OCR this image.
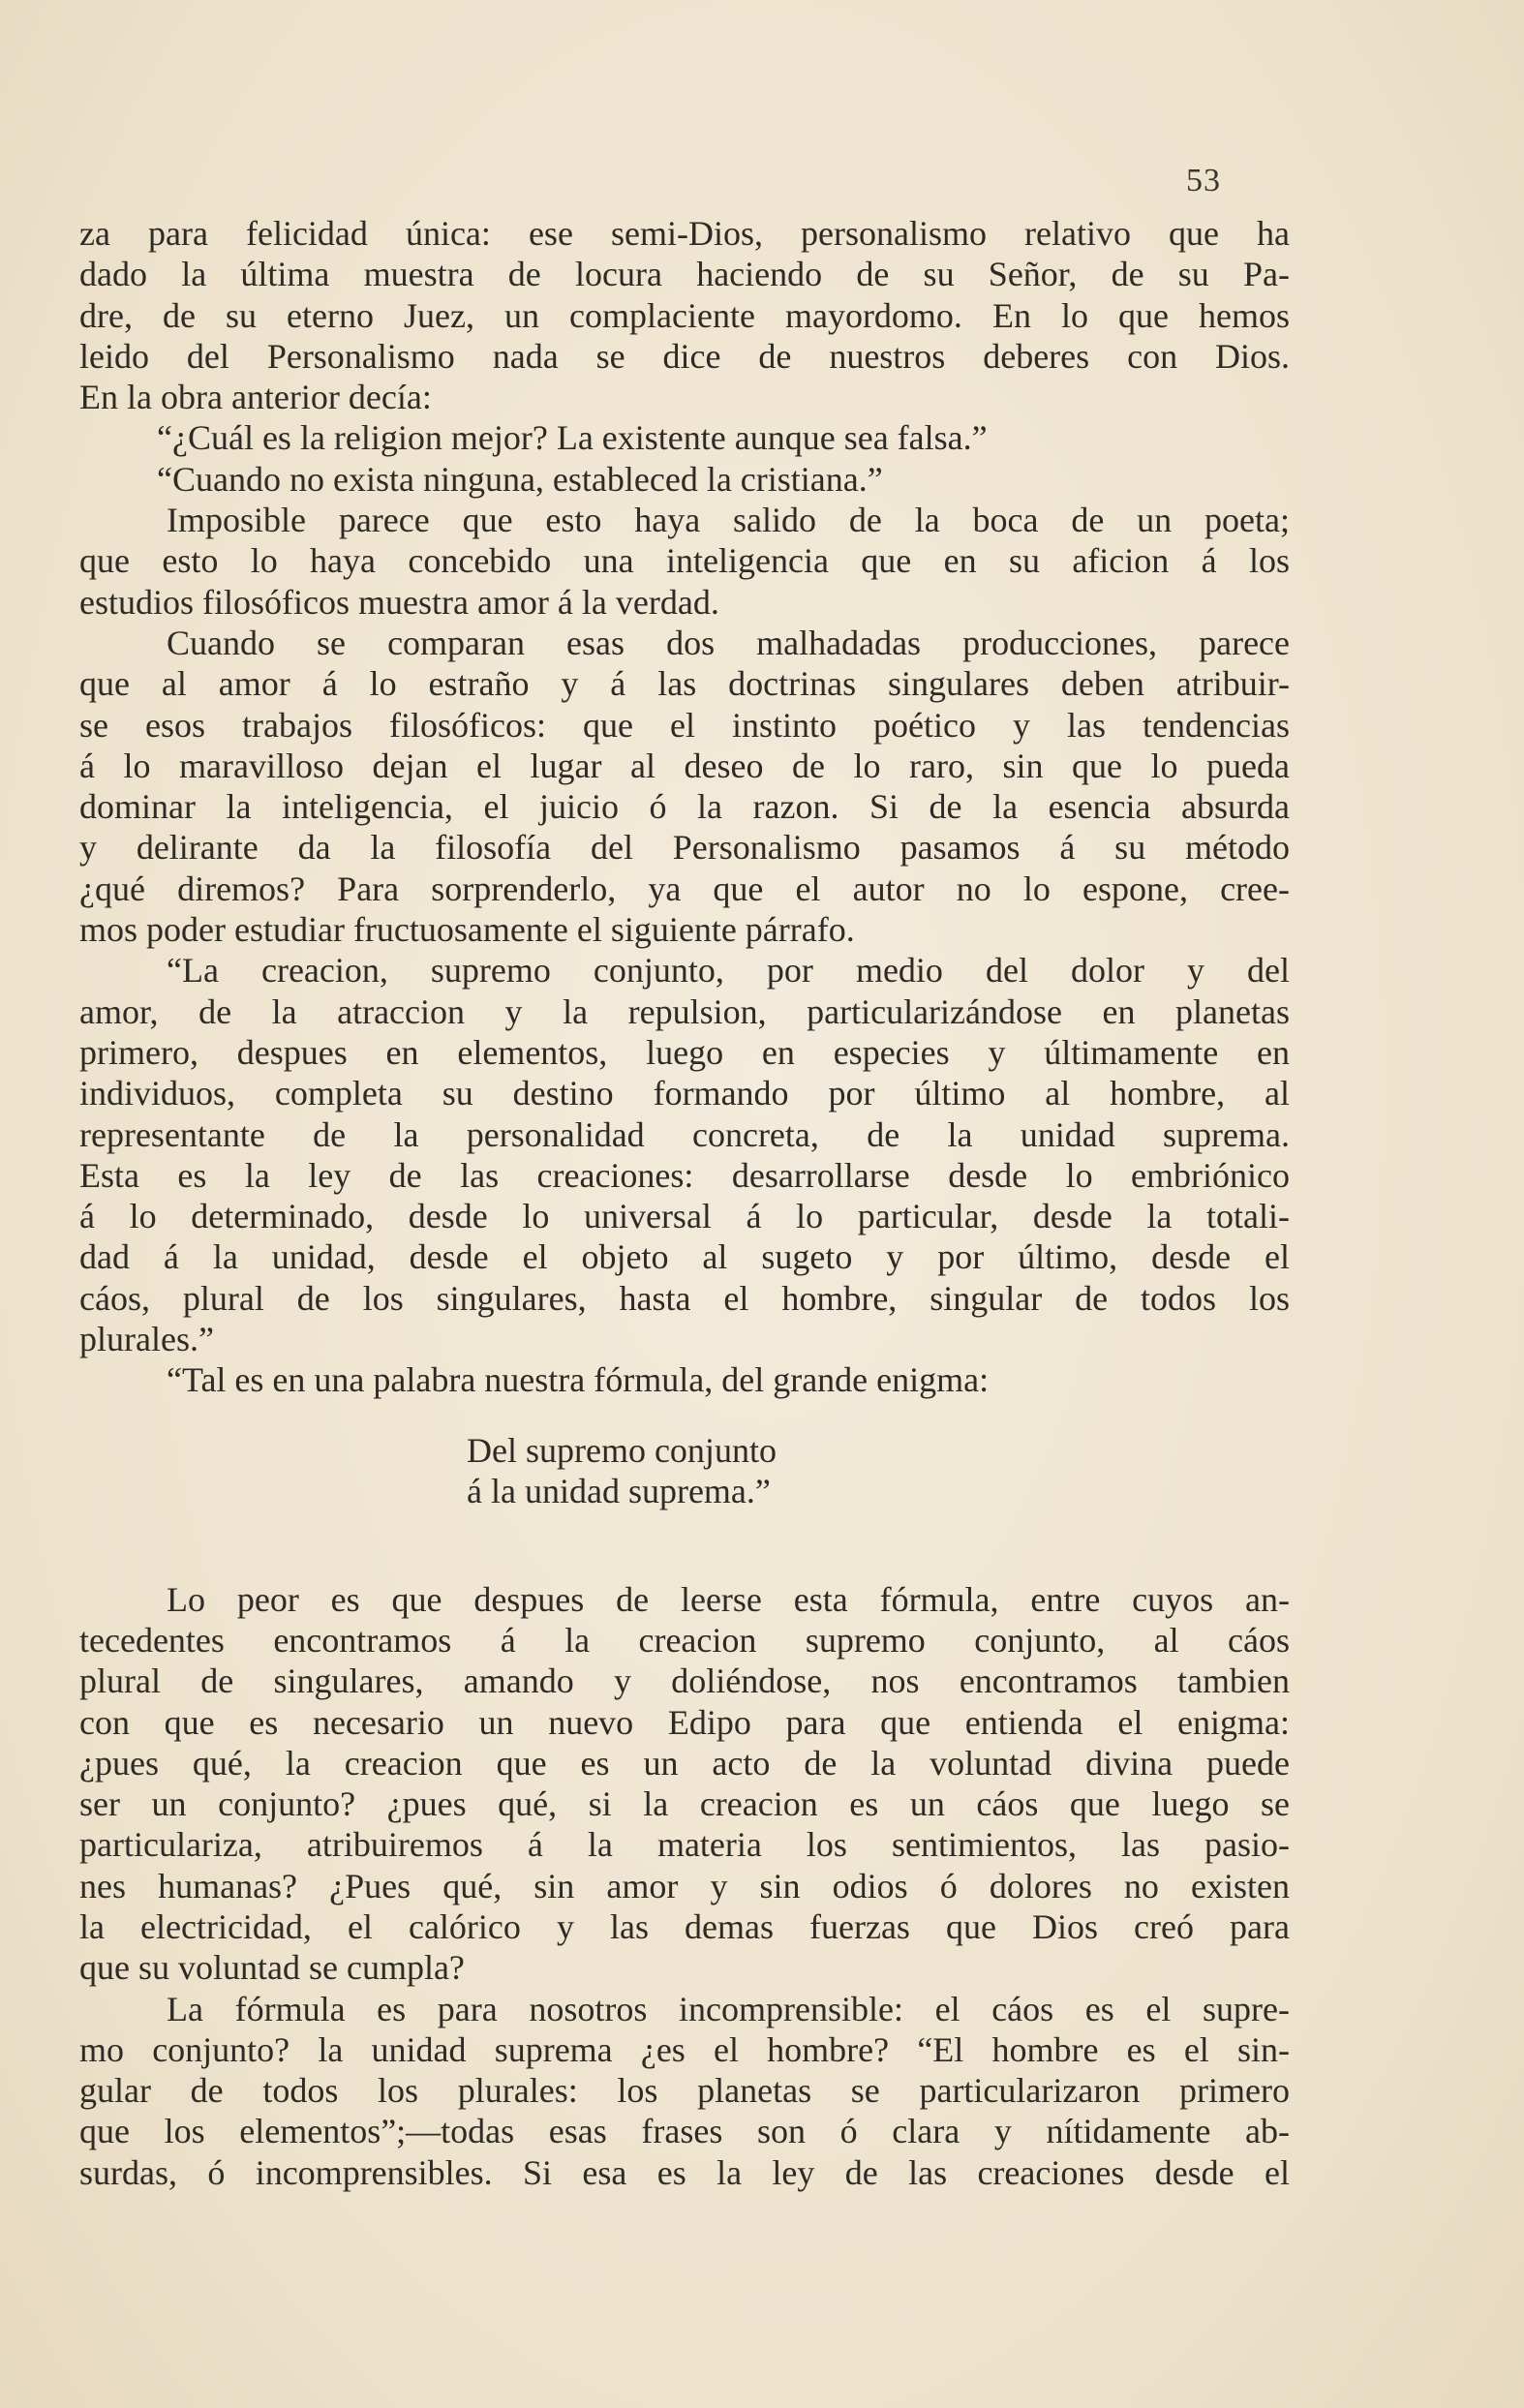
53
za para felicidad única: ese semi-Dios, personalismo relativo que ha
dado la última muestra de locura haciendo de su Señor, de su Pa-
dre, de su eterno Juez, un complaciente mayordomo. En lo que hemos
leido del Personalismo nada se dice de nuestros deberes con Dios.
En la obra anterior decía:
“¿Cuál es la religion mejor? La existente aunque sea falsa.”
“Cuando no exista ninguna, estableced la cristiana.”
Imposible parece que esto haya salido de la boca de un poeta;
que esto lo haya concebido una inteligencia que en su aficion á los
estudios filosóficos muestra amor á la verdad.
Cuando se comparan esas dos malhadadas producciones, parece
que al amor á lo estraño y á las doctrinas singulares deben atribuir-
se esos trabajos filosóficos: que el instinto poético y las tendencias
á lo maravilloso dejan el lugar al deseo de lo raro, sin que lo pueda
dominar la inteligencia, el juicio ó la razon. Si de la esencia absurda
y delirante da la filosofía del Personalismo pasamos á su método
¿qué diremos? Para sorprenderlo, ya que el autor no lo espone, cree-
mos poder estudiar fructuosamente el siguiente párrafo.
“La creacion, supremo conjunto, por medio del dolor y del
amor, de la atraccion y la repulsion, particularizándose en planetas
primero, despues en elementos, luego en especies y últimamente en
individuos, completa su destino formando por último al hombre, al
representante de la personalidad concreta, de la unidad suprema.
Esta es la ley de las creaciones: desarrollarse desde lo embriónico
á lo determinado, desde lo universal á lo particular, desde la totali-
dad á la unidad, desde el objeto al sugeto y por último, desde el
cáos, plural de los singulares, hasta el hombre, singular de todos los
plurales.”
“Tal es en una palabra nuestra fórmula, del grande enigma:
Del supremo conjunto
á la unidad suprema.”
Lo peor es que despues de leerse esta fórmula, entre cuyos an-
tecedentes encontramos á la creacion supremo conjunto, al cáos
plural de singulares, amando y doliéndose, nos encontramos tambien
con que es necesario un nuevo Edipo para que entienda el enigma:
¿pues qué, la creacion que es un acto de la voluntad divina puede
ser un conjunto? ¿pues qué, si la creacion es un cáos que luego se
particulariza, atribuiremos á la materia los sentimientos, las pasio-
nes humanas? ¿Pues qué, sin amor y sin odios ó dolores no existen
la electricidad, el calórico y las demas fuerzas que Dios creó para
que su voluntad se cumpla?
La fórmula es para nosotros incomprensible: el cáos es el supre-
mo conjunto? la unidad suprema ¿es el hombre? “El hombre es el sin-
gular de todos los plurales: los planetas se particularizaron primero
que los elementos”;—todas esas frases son ó clara y nítidamente ab-
surdas, ó incomprensibles. Si esa es la ley de las creaciones desde el
